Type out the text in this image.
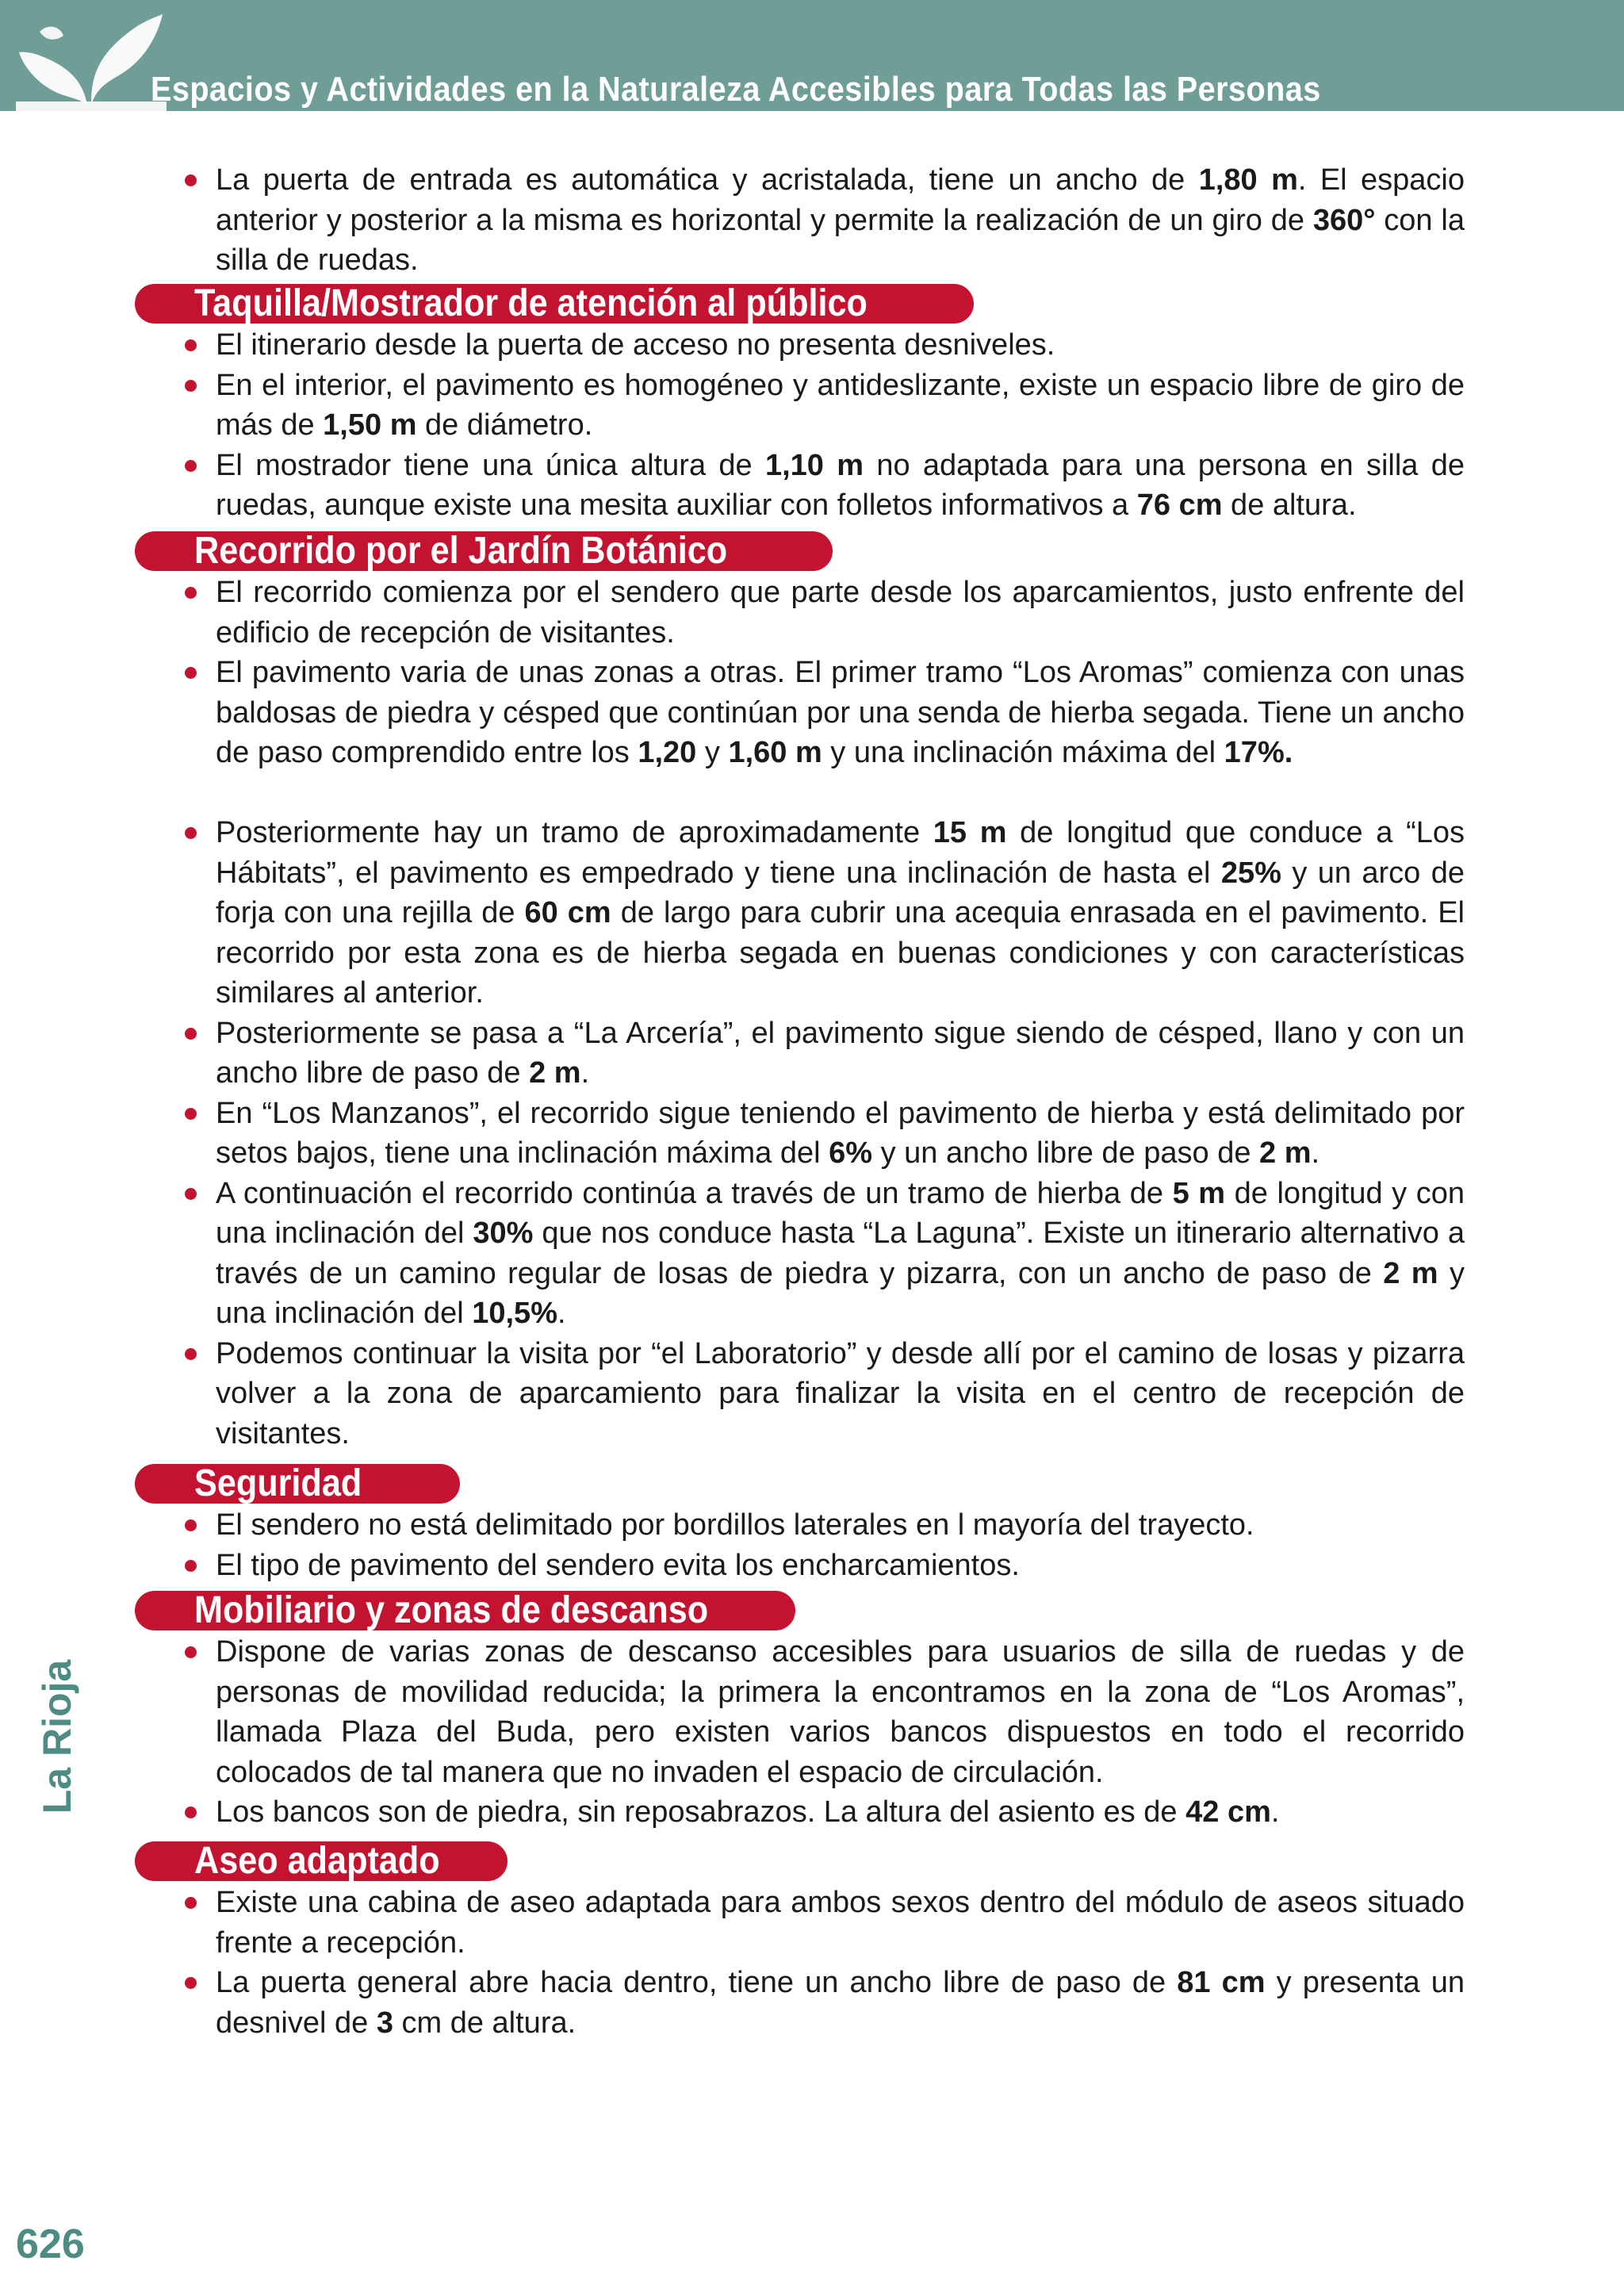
Espacios y Actividades en la Naturaleza Accesibles para Todas las Personas
La puerta de entrada es automática y acristalada, tiene un ancho de 1,80 m. El espacio anterior y posterior a la misma es horizontal y permite la realización de un giro de 360° con la silla de ruedas.
Taquilla/Mostrador de atención al público
El itinerario desde la puerta de acceso no presenta desniveles.
En el interior, el pavimento es homogéneo y antideslizante, existe un espacio libre de giro de más de 1,50 m de diámetro.
El mostrador tiene una única altura de 1,10 m no adaptada para una persona en silla de ruedas, aunque existe una mesita auxiliar con folletos informativos a 76 cm de altura.
Recorrido por el Jardín Botánico
El recorrido comienza por el sendero que parte desde los aparcamientos, justo enfrente del edificio de recepción de visitantes.
El pavimento varia de unas zonas a otras. El primer tramo “Los Aromas” comienza con unas baldosas de piedra y césped que continúan por una senda de hierba segada. Tiene un ancho de paso comprendido entre los 1,20 y 1,60 m y una inclinación máxima del 17%.
Posteriormente hay un tramo de aproximadamente 15 m de longitud que conduce a “Los Hábitats”, el pavimento es empedrado y tiene una inclinación de hasta el 25% y un arco de forja con una rejilla de 60 cm de largo para cubrir una acequia enrasada en el pavimento. El recorrido por esta zona es de hierba segada en buenas condiciones y con características similares al anterior.
Posteriormente se pasa a “La Arcería”, el pavimento sigue siendo de césped, llano y con un ancho libre de paso de 2 m.
En “Los Manzanos”, el recorrido sigue teniendo el pavimento de hierba y está delimitado por setos bajos, tiene una inclinación máxima del 6% y un ancho libre de paso de 2 m.
A continuación el recorrido continúa a través de un tramo de hierba de 5 m de longitud y con una inclinación del 30% que nos conduce hasta “La Laguna”. Existe un itinerario alternativo a través de un camino regular de losas de piedra y pizarra, con un ancho de paso de 2 m y una inclinación del 10,5%.
Podemos continuar la visita por “el Laboratorio” y desde allí por el camino de losas y pizarra volver a la zona de aparcamiento para finalizar la visita en el centro de recepción de visitantes.
Seguridad
El sendero no está delimitado por bordillos laterales en l mayoría del trayecto.
El tipo de pavimento del sendero evita los encharcamientos.
Mobiliario y zonas de descanso
Dispone de varias zonas de descanso accesibles para usuarios de silla de ruedas y de personas de movilidad reducida; la primera la encontramos en la zona de “Los Aromas”, llamada Plaza del Buda, pero existen varios bancos dispuestos en todo el recorrido colocados de tal manera que no invaden el espacio de circulación.
Los bancos son de piedra, sin reposabrazos. La altura del asiento es de 42 cm.
Aseo adaptado
Existe una cabina de aseo adaptada para ambos sexos dentro del módulo de aseos situado frente a recepción.
La puerta general abre hacia dentro, tiene un ancho libre de paso de 81 cm y presenta un desnivel de 3 cm de altura.
La Rioja
626
